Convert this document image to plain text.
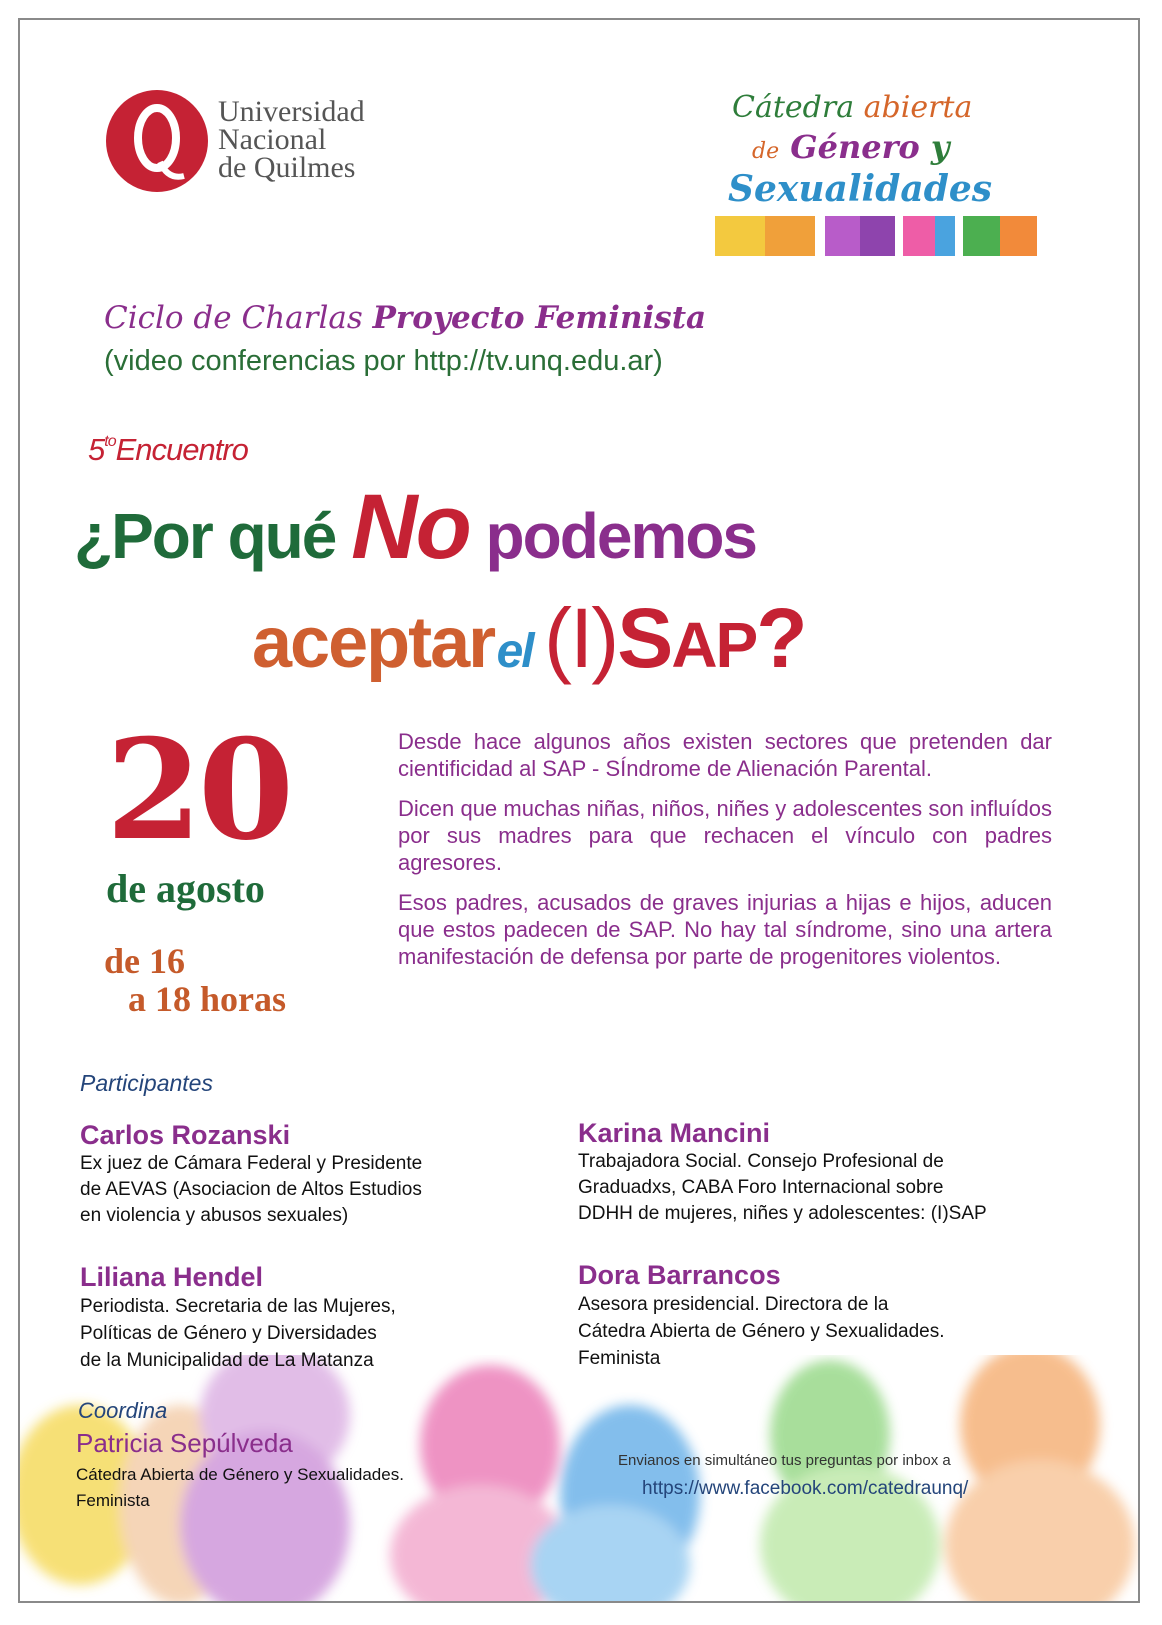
Universidad
Nacional
de Quilmes
Cátedra abierta
de Género y
Sexualidades
Ciclo de Charlas Proyecto Feminista
(video conferencias por http://tv.unq.edu.ar)
$5^{to}Encuentro$
¿Por qué No podemos
aceptar el (I)SAP?
20
de agosto
de 16
a 18 horas

Desde hace algunos años existen sectores que pretenden dar cientificidad al SAP - SÍndrome de Alienación Parental.

Dicen que muchas niñas, niños, niñes y adolescentes son influídos por sus madres para que rechacen el vínculo con padres agresores.

Esos padres, acusados de graves injurias a hijas e hijos, aducen que estos padecen de SAP. No hay tal síndrome, sino una artera manifestación de defensa por parte de progenitores violentos.

Participantes
Carlos Rozanski
Ex juez de Cámara Federal y Presidente
de AEVAS (Asociacion de Altos Estudios
en violencia y abusos sexuales)
Karina Mancini
Trabajadora Social. Consejo Profesional de
Graduadxs, CABA Foro Internacional sobre
DDHH de mujeres, niñes y adolescentes: (I)SAP
Liliana Hendel
Periodista. Secretaria de las Mujeres,
Políticas de Género y Diversidades
de la Municipalidad de La Matanza
Dora Barrancos
Asesora presidencial. Directora de la
Cátedra Abierta de Género y Sexualidades.
Feminista
Coordina
Patricia Sepúlveda
Cátedra Abierta de Género y Sexualidades.
Feminista
Envianos en simultáneo tus preguntas por inbox a
https://www.facebook.com/catedraunq/
